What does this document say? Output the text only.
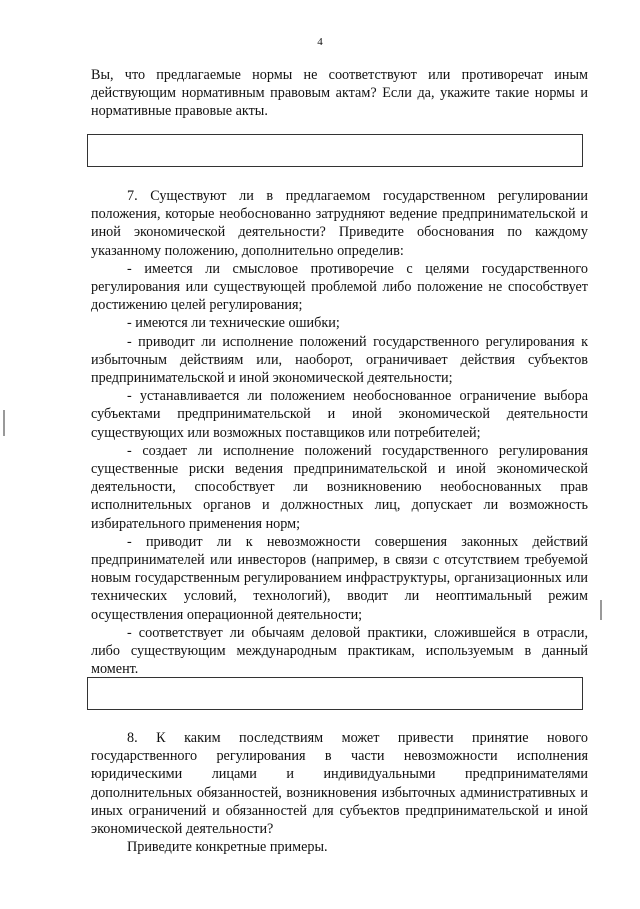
4

Вы, что предлагаемые нормы не соответствуют или противоречат иным действующим нормативным правовым актам? Если да, укажите такие нормы и нормативные правовые акты.

7. Существуют ли в предлагаемом государственном регулировании положения, которые необоснованно затрудняют ведение предпринимательской и иной экономической деятельности? Приведите обоснования по каждому указанному положению, дополнительно определив:

- имеется ли смысловое противоречие с целями государственного регулирования или существующей проблемой либо положение не способствует достижению целей регулирования;

- имеются ли технические ошибки;

- приводит ли исполнение положений государственного регулирования к избыточным действиям или, наоборот, ограничивает действия субъектов предпринимательской и иной экономической деятельности;

- устанавливается ли положением необоснованное ограничение выбора субъектами предпринимательской и иной экономической деятельности существующих или возможных поставщиков или потребителей;

- создает ли исполнение положений государственного регулирования существенные риски ведения предпринимательской и иной экономической деятельности, способствует ли возникновению необоснованных прав исполнительных органов и должностных лиц, допускает ли возможность избирательного применения норм;

- приводит ли к невозможности совершения законных действий предпринимателей или инвесторов (например, в связи с отсутствием требуемой новым государственным регулированием инфраструктуры, организационных или технических условий, технологий), вводит ли неоптимальный режим осуществления операционной деятельности;

- соответствует ли обычаям деловой практики, сложившейся в отрасли, либо существующим международным практикам, используемым в данный момент.

8. К каким последствиям может привести принятие нового государственного регулирования в части невозможности исполнения юридическими лицами и индивидуальными предпринимателями дополнительных обязанностей, возникновения избыточных административных и иных ограничений и обязанностей для субъектов предпринимательской и иной экономической деятельности?

Приведите конкретные примеры.
